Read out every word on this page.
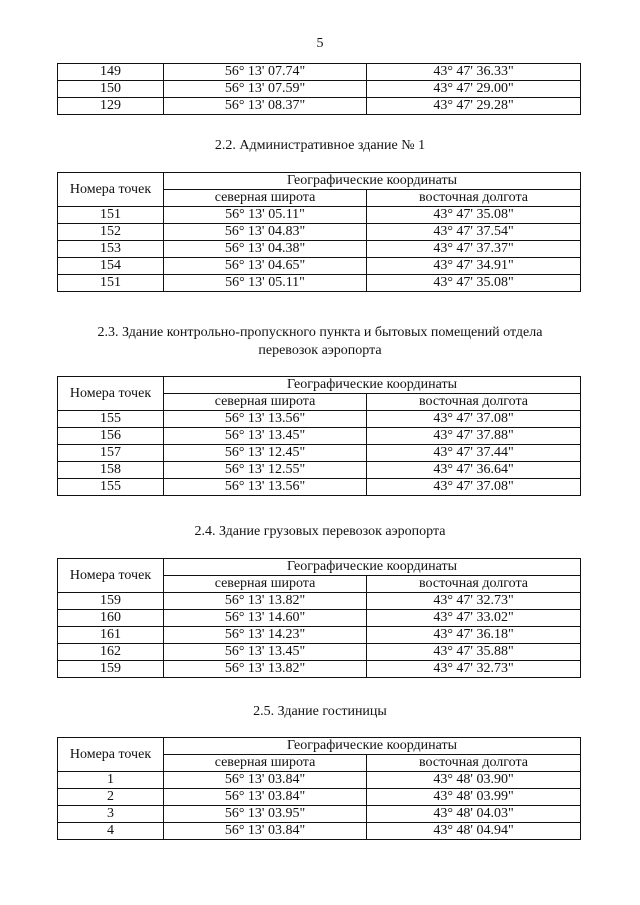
5
149	56° 13' 07.74"	43° 47' 36.33"
150	56° 13' 07.59"	43° 47' 29.00"
129	56° 13' 08.37"	43° 47' 29.28"
2.2. Административное здание № 1
Номера точек	Географические координаты	
	северная широта	восточная долгота
151	56° 13' 05.11"	43° 47' 35.08"
152	56° 13' 04.83"	43° 47' 37.54"
153	56° 13' 04.38"	43° 47' 37.37"
154	56° 13' 04.65"	43° 47' 34.91"
151	56° 13' 05.11"	43° 47' 35.08"
2.3. Здание контрольно-пропускного пункта и бытовых помещений отдела
перевозок аэропорта
Номера точек	Географические координаты	
	северная широта	восточная долгота
155	56° 13' 13.56"	43° 47' 37.08"
156	56° 13' 13.45"	43° 47' 37.88"
157	56° 13' 12.45"	43° 47' 37.44"
158	56° 13' 12.55"	43° 47' 36.64"
155	56° 13' 13.56"	43° 47' 37.08"
2.4. Здание грузовых перевозок аэропорта
Номера точек	Географические координаты	
	северная широта	восточная долгота
159	56° 13' 13.82"	43° 47' 32.73"
160	56° 13' 14.60"	43° 47' 33.02"
161	56° 13' 14.23"	43° 47' 36.18"
162	56° 13' 13.45"	43° 47' 35.88"
159	56° 13' 13.82"	43° 47' 32.73"
2.5. Здание гостиницы
Номера точек	Географические координаты	
	северная широта	восточная долгота
1	56° 13' 03.84"	43° 48' 03.90"
2	56° 13' 03.84"	43° 48' 03.99"
3	56° 13' 03.95"	43° 48' 04.03"
4	56° 13' 03.84"	43° 48' 04.94"
